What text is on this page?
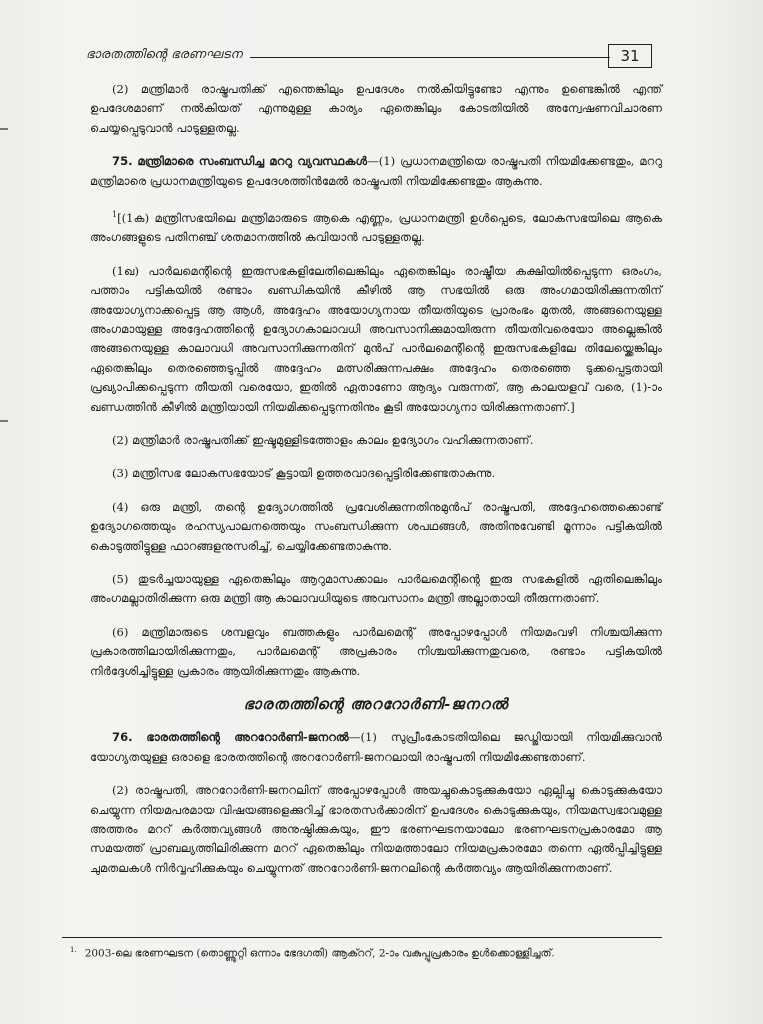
ഭാരതത്തിന്റെ ഭരണഘടന	31

(2) മന്ത്രിമാർ രാഷ്ട്രപതിക്ക് എന്തെങ്കിലും ഉപദേശം നൽകിയിട്ടുണ്ടോ എന്നും ഉണ്ടെങ്കിൽ എന്ത് ഉപദേശമാണ് നൽകിയത് എന്നുമുള്ള കാര്യം ഏതെങ്കിലും കോടതിയിൽ അന്വേഷണവിചാരണ ചെയ്യപ്പെടുവാൻ പാടുള്ളതല്ല.

75. മന്ത്രിമാരെ സംബന്ധിച്ച മററു വ്യവസ്ഥകൾ—(1) പ്രധാനമന്ത്രിയെ രാഷ്ട്രപതി നിയമിക്കേണ്ടതും, മററു മന്ത്രിമാരെ പ്രധാനമന്ത്രിയുടെ ഉപദേശത്തിൻമേൽ രാഷ്ട്രപതി നിയമിക്കേണ്ടതും ആകുന്നു.

$^1$[(1ക) മന്ത്രിസഭയിലെ മന്ത്രിമാരുടെ ആകെ എണ്ണം, പ്രധാനമന്ത്രി ഉൾപ്പെടെ, ലോകസഭയിലെ ആകെ അംഗങ്ങളുടെ പതിനഞ്ച് ശതമാനത്തിൽ കവിയാൻ പാടുള്ളതല്ല.

(1ഖ) പാർലമെന്റിന്റെ ഇരുസഭകളിലേതിലെങ്കിലും ഏതെങ്കിലും രാഷ്ട്രീയ കക്ഷിയിൽപ്പെടുന്ന ഒരംഗം, പത്താം പട്ടികയിൽ രണ്ടാം ഖണ്ഡികയിൻ കീഴിൽ ആ സഭയിൽ ഒരു അംഗമായിരിക്കുന്നതിന് അയോഗ്യനാക്കപ്പെട്ട ആ ആൾ, അദ്ദേഹം അയോഗ്യനായ തീയതിയുടെ പ്രാരംഭം മുതൽ, അങ്ങനെയുള്ള അംഗമായുള്ള അദ്ദേഹത്തിന്റെ ഉദ്യോഗകാലാവധി അവസാനിക്കുമായിരുന്ന തീയതിവരെയോ അല്ലെങ്കിൽ അങ്ങനെയുള്ള കാലാവധി അവസാനിക്കുന്നതിന് മുൻപ് പാർലമെന്റിന്റെ ഇരുസഭകളിലേ തിലേയ്ക്കെങ്കിലും ഏതെങ്കിലും തെരഞ്ഞെടുപ്പിൽ അദ്ദേഹം മത്സരിക്കുന്നപക്ഷം അദ്ദേഹം തെരഞ്ഞെ ടുക്കപ്പെട്ടതായി പ്രഖ്യാപിക്കപ്പെടുന്ന തീയതി വരെയോ, ഇതിൽ ഏതാണോ ആദ്യം വരുന്നത്, ആ കാലയളവ് വരെ, (1)-ാം ഖണ്ഡത്തിൻ കീഴിൽ മന്ത്രിയായി നിയമിക്കപ്പെടുന്നതിനും കൂടി അയോഗ്യനാ യിരിക്കുന്നതാണ്.]

(2) മന്ത്രിമാർ രാഷ്ട്രപതിക്ക് ഇഷ്ടമുള്ളിടത്തോളം കാലം ഉദ്യോഗം വഹിക്കുന്നതാണ്.

(3) മന്ത്രിസഭ ലോകസഭയോട് കൂട്ടായി ഉത്തരവാദപ്പെട്ടിരിക്കേണ്ടതാകുന്നു.

(4) ഒരു മന്ത്രി, തന്റെ ഉദ്യോഗത്തിൽ പ്രവേശിക്കുന്നതിനുമുൻപ് രാഷ്ട്രപതി, അദ്ദേഹത്തെക്കൊണ്ട് ഉദ്യോഗത്തെയും രഹസ്യപാലനത്തെയും സംബന്ധിക്കുന്ന ശപഥങ്ങൾ, അതിനുവേണ്ടി മൂന്നാം പട്ടികയിൽ കൊടുത്തിട്ടുള്ള ഫാറങ്ങളനുസരിച്ച്, ചെയ്യിക്കേണ്ടതാകുന്നു.

(5) തുടർച്ചയായുള്ള ഏതെങ്കിലും ആറുമാസക്കാലം പാർലമെന്റിന്റെ ഇരു സഭകളിൽ ഏതിലെങ്കിലും അംഗമല്ലാതിരിക്കുന്ന ഒരു മന്ത്രി ആ കാലാവധിയുടെ അവസാനം മന്ത്രി അല്ലാതായി തീരുന്നതാണ്.

(6) മന്ത്രിമാരുടെ ശമ്പളവും ബത്തകളും പാർലമെന്റ് അപ്പോഴപ്പോൾ നിയമംവഴി നിശ്ചയിക്കുന്ന പ്രകാരത്തിലായിരിക്കുന്നതും, പാർലമെന്റ് അപ്രകാരം നിശ്ചയിക്കുന്നതുവരെ, രണ്ടാം പട്ടികയിൽ നിർദ്ദേശിച്ചിട്ടുള്ള പ്രകാരം ആയിരിക്കുന്നതും ആകുന്നു.

ഭാരതത്തിന്റെ അററോർണി-ജനറൽ

76. ഭാരതത്തിന്റെ അററോർണി-ജനറൽ—(1) സുപ്രീംകോടതിയിലെ ജഡ്ജിയായി നിയമിക്കുവാൻ യോഗ്യതയുള്ള ഒരാളെ ഭാരതത്തിന്റെ അററോർണി-ജനറലായി രാഷ്ട്രപതി നിയമിക്കേണ്ടതാണ്.

(2) രാഷ്ട്രപതി, അററോർണി-ജനറലിന് അപ്പോഴപ്പോൾ അയച്ചുകൊടുക്കുകയോ ഏല്പിച്ചു കൊടുക്കുകയോ ചെയ്യുന്ന നിയമപരമായ വിഷയങ്ങളെക്കുറിച്ച് ഭാരതസർക്കാരിന് ഉപദേശം കൊടുക്കുകയും, നിയമസ്വഭാവമുള്ള അത്തരം മററ് കർത്തവ്യങ്ങൾ അനുഷ്ഠിക്കുകയും, ഈ ഭരണഘടനയാലോ ഭരണഘടനപ്രകാരമോ ആ സമയത്ത് പ്രാബല്യത്തിലിരിക്കുന്ന മററ് ഏതെങ്കിലും നിയമത്താലോ നിയമപ്രകാരമോ തന്നെ ഏൽപ്പിച്ചിട്ടുള്ള ചുമതലകൾ നിർവ്വഹിക്കുകയും ചെയ്യുന്നത് അററോർണി-ജനറലിന്റെ കർത്തവ്യം ആയിരിക്കുന്നതാണ്.

$^{1.}$ 2003-ലെ ഭരണഘടന (തൊണ്ണൂറ്റി ഒന്നാം ഭേദഗതി) ആക്ററ്, 2-ാം വകുപ്പുപ്രകാരം ഉൾക്കൊള്ളിച്ചത്.
